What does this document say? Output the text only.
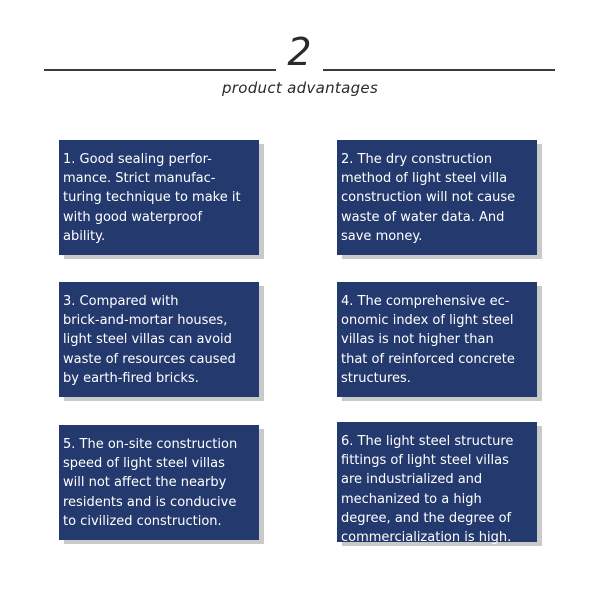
2
product advantages
1. Good sealing perfor-
mance. Strict manufac-
turing technique to make it
with good waterproof
ability.
2. The dry construction
method of light steel villa
construction will not cause
waste of water data. And
save money.
3. Compared with
brick-and-mortar houses,
light steel villas can avoid
waste of resources caused
by earth-fired bricks.
4. The comprehensive ec-
onomic index of light steel
villas is not higher than
that of reinforced concrete
structures.
5. The on-site construction
speed of light steel villas
will not affect the nearby
residents and is conducive
to civilized construction.
6. The light steel structure
fittings of light steel villas
are industrialized and
mechanized to a high
degree, and the degree of
commercialization is high.
